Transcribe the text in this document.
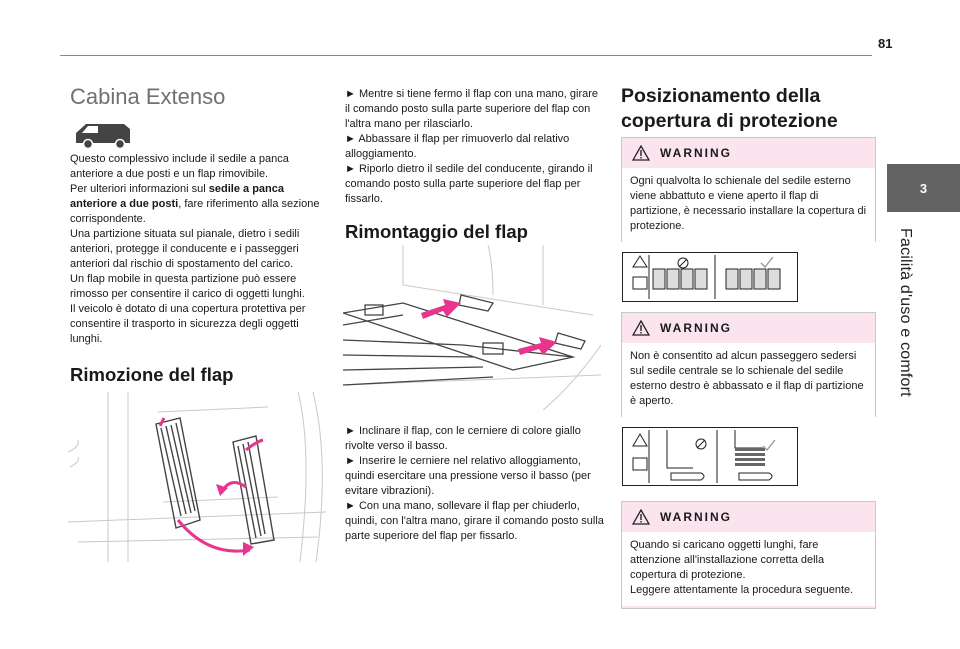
81
3
Facilità d'uso e comfort
Cabina Extenso

Questo complessivo include il sedile a panca anteriore a due posti e un flap rimovibile.

Per ulteriori informazioni sul sedile a panca anteriore a due posti, fare riferimento alla sezione corrispondente.

Una partizione situata sul pianale, dietro i sedili anteriori, protegge il conducente e i passeggeri anteriori dal rischio di spostamento del carico.

Un flap mobile in questa partizione può essere rimosso per consentire il carico di oggetti lunghi.

Il veicolo è dotato di una copertura protettiva per consentire il trasporto in sicurezza degli oggetti lunghi.

Rimozione del flap

► Mentre si tiene fermo il flap con una mano, girare il comando posto sulla parte superiore del flap con l'altra mano per rilasciarlo.

► Abbassare il flap per rimuoverlo dal relativo alloggiamento.

► Riporlo dietro il sedile del conducente, girando il comando posto sulla parte superiore del flap per fissarlo.

Rimontaggio del flap

► Inclinare il flap, con le cerniere di colore giallo rivolte verso il basso.

► Inserire le cerniere nel relativo alloggiamento, quindi esercitare una pressione verso il basso (per evitare vibrazioni).

► Con una mano, sollevare il flap per chiuderlo, quindi, con l'altra mano, girare il comando posto sulla parte superiore del flap per fissarlo.

Posizionamento della copertura di protezione
WARNING
Ogni qualvolta lo schienale del sedile esterno viene abbattuto e viene aperto il flap di partizione, è necessario installare la copertura di protezione.
WARNING
Non è consentito ad alcun passeggero sedersi sul sedile centrale se lo schienale del sedile esterno destro è abbassato e il flap di partizione è aperto.
WARNING
Quando si caricano oggetti lunghi, fare attenzione all'installazione corretta della copertura di protezione.
Leggere attentamente la procedura seguente.
